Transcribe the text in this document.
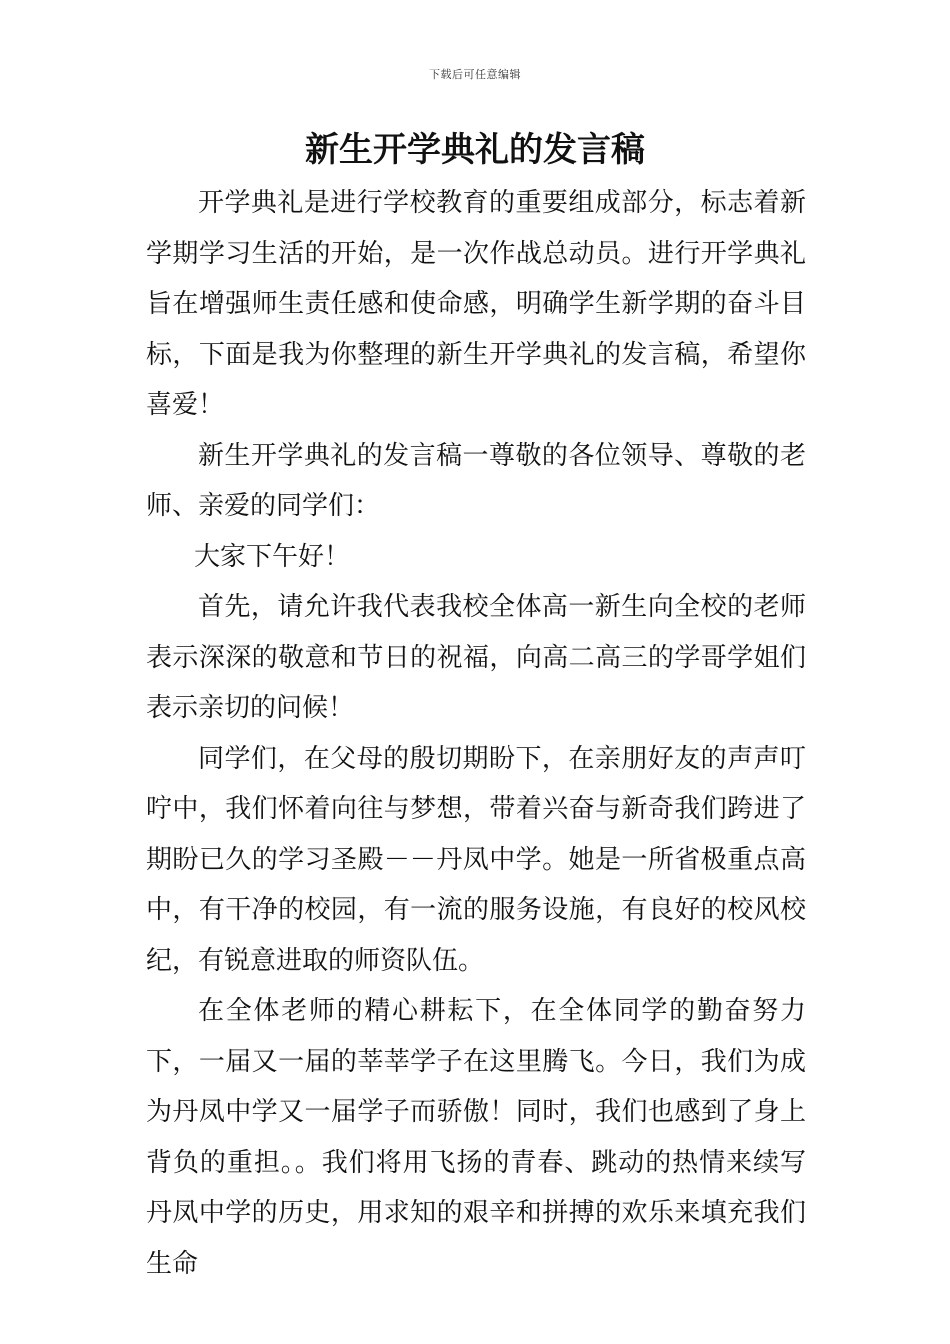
下载后可任意编辑
新生开学典礼的发言稿

开学典礼是进行学校教育的重要组成部分，标志着新学期学习生活的开始，是一次作战总动员。进行开学典礼旨在增强师生责任感和使命感，明确学生新学期的奋斗目标，下面是我为你整理的新生开学典礼的发言稿，希望你喜爱！

新生开学典礼的发言稿一尊敬的各位领导、尊敬的老师、亲爱的同学们：

大家下午好！

首先，请允许我代表我校全体高一新生向全校的老师表示深深的敬意和节日的祝福，向高二高三的学哥学姐们表示亲切的问候！

同学们，在父母的殷切期盼下，在亲朋好友的声声叮咛中，我们怀着向往与梦想，带着兴奋与新奇我们跨进了期盼已久的学习圣殿－－丹凤中学。她是一所省极重点高中，有干净的校园，有一流的服务设施，有良好的校风校纪，有锐意进取的师资队伍。

在全体老师的精心耕耘下，在全体同学的勤奋努力下，一届又一届的莘莘学子在这里腾飞。今日，我们为成为丹凤中学又一届学子而骄傲！同时，我们也感到了身上背负的重担。。我们将用飞扬的青春、跳动的热情来续写丹凤中学的历史，用求知的艰辛和拼搏的欢乐来填充我们生命
